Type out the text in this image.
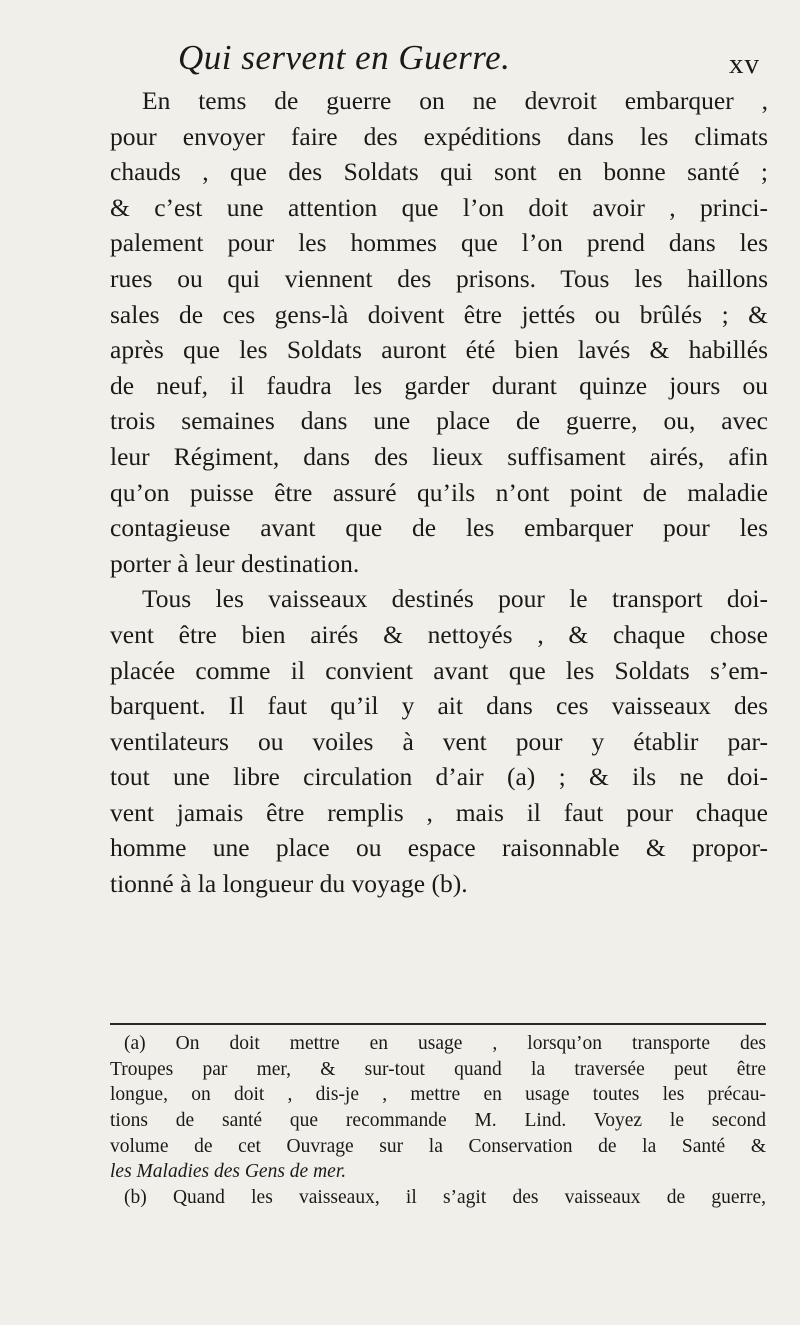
Qui servent en Guerre.	xv
En tems de guerre on ne devroit embarquer ,
pour envoyer faire des expéditions dans les climats
chauds , que des Soldats qui sont en bonne santé ;
& c’est une attention que l’on doit avoir , princi-
palement pour les hommes que l’on prend dans les
rues ou qui viennent des prisons. Tous les haillons
sales de ces gens-là doivent être jettés ou brûlés ; &
après que les Soldats auront été bien lavés & habillés
de neuf, il faudra les garder durant quinze jours ou
trois semaines dans une place de guerre, ou, avec
leur Régiment, dans des lieux suffisament airés, afin
qu’on puisse être assuré qu’ils n’ont point de maladie
contagieuse avant que de les embarquer pour les
porter à leur destination.
Tous les vaisseaux destinés pour le transport doi-
vent être bien airés & nettoyés , & chaque chose
placée comme il convient avant que les Soldats s’em-
barquent. Il faut qu’il y ait dans ces vaisseaux des
ventilateurs ou voiles à vent pour y établir par-
tout une libre circulation d’air (a) ; & ils ne doi-
vent jamais être remplis , mais il faut pour chaque
homme une place ou espace raisonnable & propor-
tionné à la longueur du voyage (b).
(a) On doit mettre en usage , lorsqu’on transporte des
Troupes par mer, & sur-tout quand la traversée peut être
longue, on doit , dis-je , mettre en usage toutes les précau-
tions de santé que recommande M. Lind. Voyez le second
volume de cet Ouvrage sur la Conservation de la Santé &
les Maladies des Gens de mer.
(b) Quand les vaisseaux, il s’agit des vaisseaux de guerre,
